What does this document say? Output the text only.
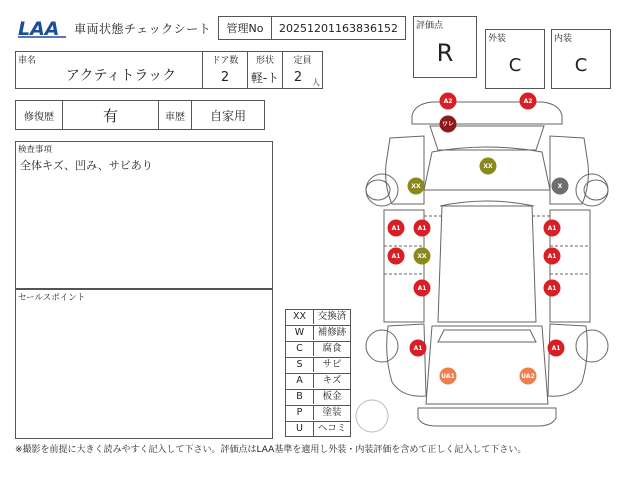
LAA 車両状態チェックシート	管理No	20251201163836152
車名
アクティトラック
ドア数
2
形状
軽-ト
定員
2	人
評価点
R
外装
C
内装
C
修復歴	有	車歴	自家用
検査事項
全体キズ、凹み、サビあり
セールスポイント
XX	交換済
W	補修跡
C	腐食
S	サビ
A	キズ
B	板金
P	塗装
U	ヘコミ
A2	A2
ワレ
XX
XX	X
A1	A1	A1
A1	XX	A1
A1	A1
A1	A1
UA1	UA2
※撮影を前提に大きく読みやすく記入して下さい。評価点はLAA基準を適用し外装・内装評価を含めて正しく記入して下さい。
